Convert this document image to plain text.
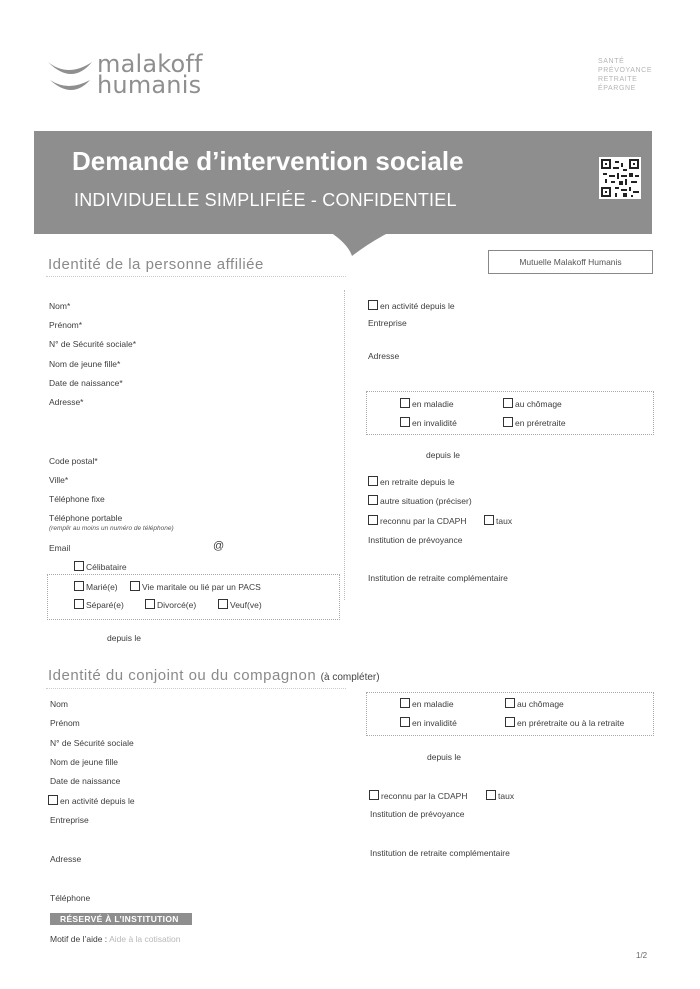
malakoff
humanis
SANTÉ
PRÉVOYANCE
RETRAITE
ÉPARGNE
Demande d’intervention sociale
INDIVIDUELLE SIMPLIFIÉE - CONFIDENTIEL
Identité de la personne affiliée	Mutuelle Malakoff Humanis
Nom*
Prénom*
N° de Sécurité sociale*
Nom de jeune fille*
Date de naissance*
Adresse*
Code postal*
Ville*
Téléphone fixe
Téléphone portable
(remplir au moins un numéro de téléphone)
Email	@
Célibataire
Marié(e)	Vie maritale ou lié par un PACS
Séparé(e)	Divorcé(e)	Veuf(ve)
depuis le
en activité depuis le
Entreprise
Adresse
en maladie	au chômage
en invalidité	en préretraite
depuis le
en retraite depuis le
autre situation (préciser)
reconnu par la CDAPH	taux
Institution de prévoyance
Institution de retraite complémentaire
Identité du conjoint ou du compagnon (à compléter)
Nom
Prénom
N° de Sécurité sociale
Nom de jeune fille
Date de naissance
en activité depuis le
Entreprise
Adresse
Téléphone
en maladie	au chômage
en invalidité	en préretraite ou à la retraite
depuis le
reconnu par la CDAPH	taux
Institution de prévoyance
Institution de retraite complémentaire
RÉSERVÉ À L’INSTITUTION
Motif de l’aide : Aide à la cotisation
1/2
